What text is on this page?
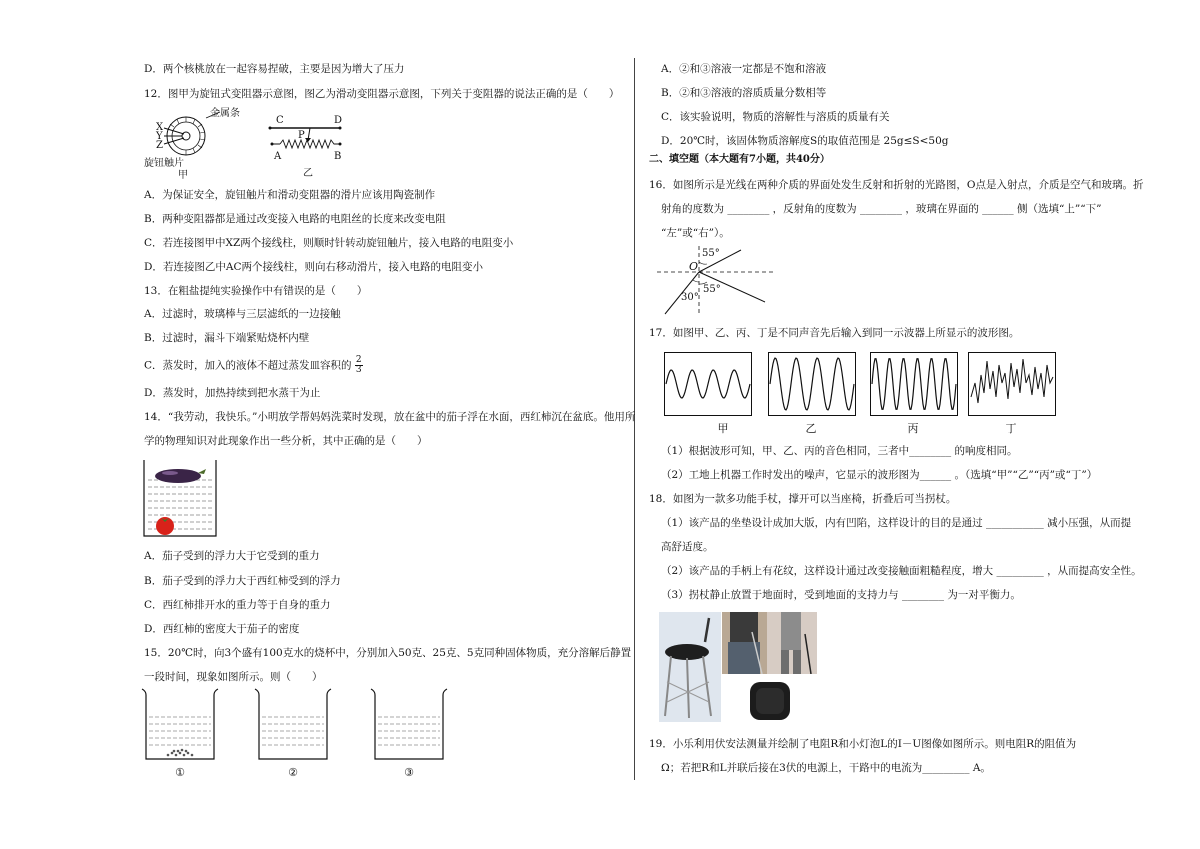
D．两个核桃放在一起容易捏破，主要是因为增大了压力
12．图甲为旋钮式变阻器示意图，图乙为滑动变阻器示意图，下列关于变阻器的说法正确的是（　　）
金属条
X
Y
Z
旋钮触片
甲
C	D
P
A	B
乙
A．为保证安全，旋钮触片和滑动变阻器的滑片应该用陶瓷制作
B．两种变阻器都是通过改变接入电路的电阻丝的长度来改变电阻
C．若连接图甲中XZ两个接线柱，则顺时针转动旋钮触片，接入电路的电阻变小
D．若连接图乙中AC两个接线柱，则向右移动滑片，接入电路的电阻变小
13．在粗盐提纯实验操作中有错误的是（　　）
A．过滤时，玻璃棒与三层滤纸的一边接触
B．过滤时，漏斗下端紧贴烧杯内壁
C．蒸发时，加入的液体不超过蒸发皿容积的 $\frac{2}{3}$
D．蒸发时，加热持续到把水蒸干为止
14．“我劳动，我快乐。”小明放学帮妈妈洗菜时发现，放在盆中的茄子浮在水面，西红柿沉在盆底。他用所
学的物理知识对此现象作出一些分析，其中正确的是（　　）
A．茄子受到的浮力大于它受到的重力
B．茄子受到的浮力大于西红柿受到的浮力
C．西红柿排开水的重力等于自身的重力
D．西红柿的密度大于茄子的密度
15．20℃时，向3个盛有100克水的烧杯中，分别加入50克、25克、5克同种固体物质，充分溶解后静置
一段时间，现象如图所示。则（　　）
①	②	③
A．②和③溶液一定都是不饱和溶液
B．②和③溶液的溶质质量分数相等
C．该实验说明，物质的溶解性与溶质的质量有关
D．20℃时，该固体物质溶解度S的取值范围是 25g≤S<50g
二、填空题（本大题有7小题，共40分）
16．如图所示是光线在两种介质的界面处发生反射和折射的光路图，O点是入射点，介质是空气和玻璃。折
射角的度数为 ________ ，反射角的度数为 ________ ，玻璃在界面的 ______ 侧（选填“上”“下”
“左”或“右”）。
O
55°
55°
30°
17．如图甲、乙、丙、丁是不同声音先后输入到同一示波器上所显示的波形图。
甲	乙	丙	丁
（1）根据波形可知，甲、乙、丙的音色相同，三者中________ 的响度相同。
（2）工地上机器工作时发出的噪声，它显示的波形图为______ 。（选填“甲”“乙”“丙”或“丁”）
18．如图为一款多功能手杖，撑开可以当座椅，折叠后可当拐杖。
（1）该产品的坐垫设计成加大版，内有凹陷，这样设计的目的是通过 ___________ 减小压强，从而提
高舒适度。
（2）该产品的手柄上有花纹，这样设计通过改变接触面粗糙程度，增大 _________ ，从而提高安全性。
（3）拐杖静止放置于地面时，受到地面的支持力与 ________ 为一对平衡力。
19．小乐利用伏安法测量并绘制了电阻R和小灯泡L的I－U图像如图所示。则电阻R的阻值为
Ω；若把R和L并联后接在3伏的电源上，干路中的电流为_________ A。
